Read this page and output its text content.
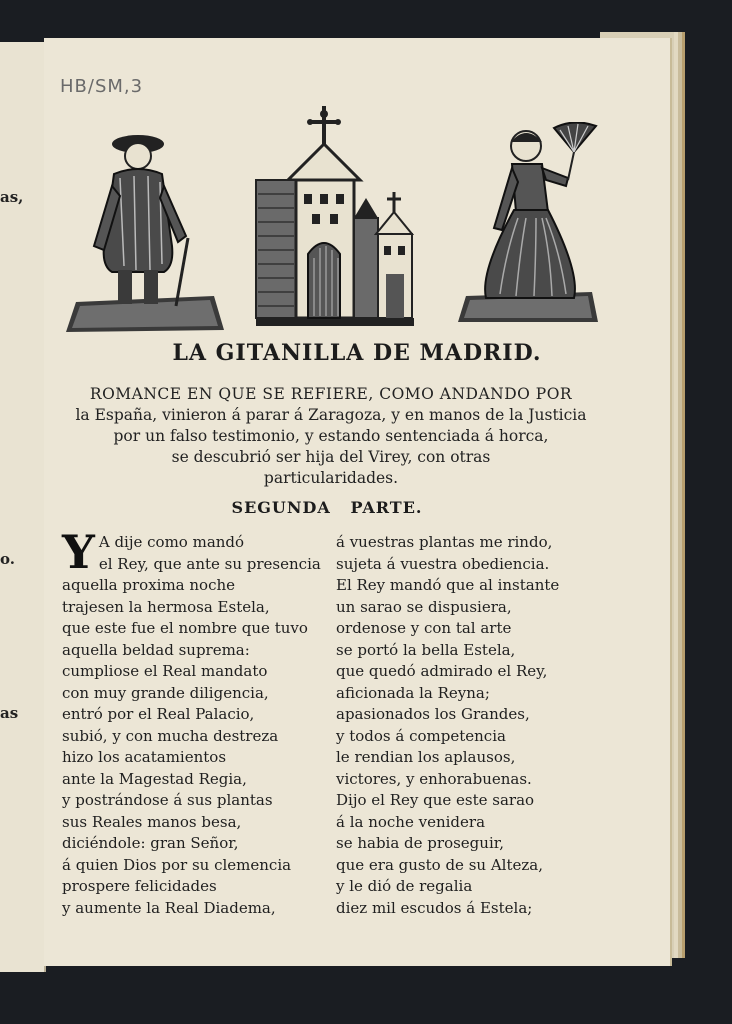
as,
o.
as
HB/SM,3
LA GITANILLA DE MADRID.
ROMANCE EN QUE SE REFIERE, COMO ANDANDO POR
la España, vinieron á parar á Zaragoza, y en manos de la Justicia
por un falso testimonio, y estando sentenciada á horca,
se descubrió ser hija del Virey, con otras
particularidades.
SEGUNDA   PARTE.
Y A dije como mandó
el Rey, que ante su presencia
aquella proxima noche
trajesen la hermosa Estela,
que este fue el nombre que tuvo
aquella beldad suprema:
cumpliose el Real mandato
con muy grande diligencia,
entró por el Real Palacio,
subió, y con mucha destreza
hizo los acatamientos
ante la Magestad Regia,
y postrándose á sus plantas
sus Reales manos besa,
diciéndole: gran Señor,
á quien Dios por su clemencia
prospere felicidades
y aumente la Real Diadema,
á vuestras plantas me rindo,
sujeta á vuestra obediencia.
El Rey mandó que al instante
un sarao se dispusiera,
ordenose y con tal arte
se portó la bella Estela,
que quedó admirado el Rey,
aficionada la Reyna;
apasionados los Grandes,
y todos á competencia
le rendian los aplausos,
victores, y enhorabuenas.
Dijo el Rey que este sarao
á la noche venidera
se habia de proseguir,
que era gusto de su Alteza,
y le dió de regalia
diez mil escudos á Estela;
